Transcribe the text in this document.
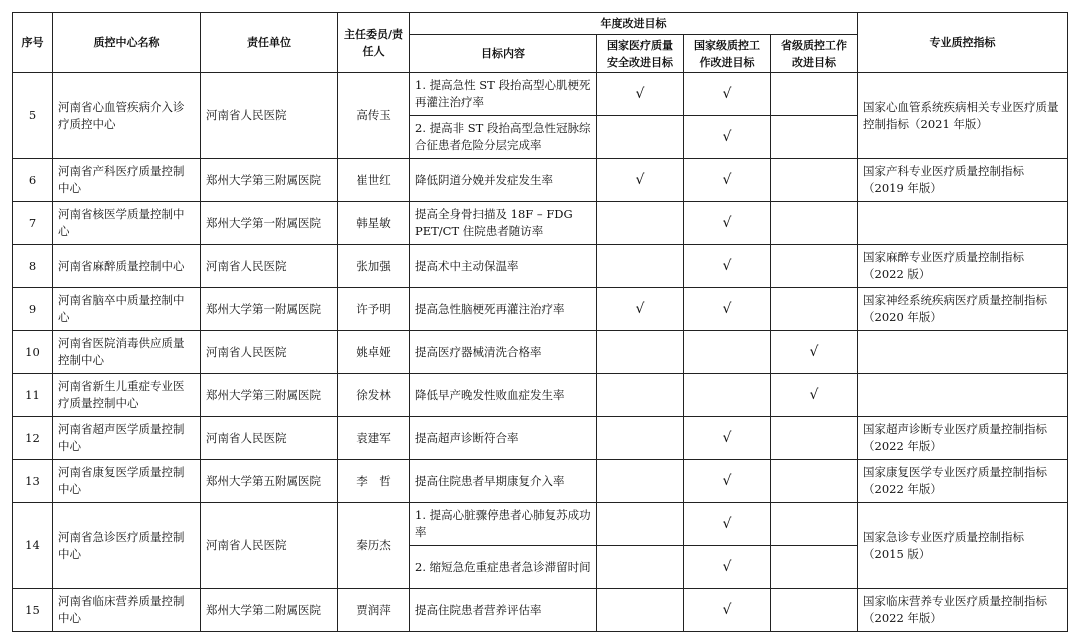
序号	质控中心名称	责任单位	主任委员/责任人	年度改进目标				专业质控指标
				目标内容	国家医疗质量安全改进目标	国家级质控工作改进目标	省级质控工作改进目标	
5	河南省心血管疾病介入诊疗质控中心	河南省人民医院	高传玉	1. 提高急性 ST 段抬高型心肌梗死再灌注治疗率	√	√		国家心血管系统疾病相关专业医疗质量控制指标（2021 年版）
				2. 提高非 ST 段抬高型急性冠脉综合征患者危险分层完成率		√		
6	河南省产科医疗质量控制中心	郑州大学第三附属医院	崔世红	降低阴道分娩并发症发生率	√	√		国家产科专业医疗质量控制指标（2019 年版）
7	河南省核医学质量控制中心	郑州大学第一附属医院	韩星敏	提高全身骨扫描及 18F – FDG PET/CT 住院患者随访率		√		
8	河南省麻醉质量控制中心	河南省人民医院	张加强	提高术中主动保温率		√		国家麻醉专业医疗质量控制指标（2022 版）
9	河南省脑卒中质量控制中心	郑州大学第一附属医院	许予明	提高急性脑梗死再灌注治疗率	√	√		国家神经系统疾病医疗质量控制指标（2020 年版）
10	河南省医院消毒供应质量控制中心	河南省人民医院	姚卓娅	提高医疗器械清洗合格率			√	
11	河南省新生儿重症专业医疗质量控制中心	郑州大学第三附属医院	徐发林	降低早产晚发性败血症发生率			√	
12	河南省超声医学质量控制中心	河南省人民医院	袁建军	提高超声诊断符合率		√		国家超声诊断专业医疗质量控制指标（2022 年版）
13	河南省康复医学质量控制中心	郑州大学第五附属医院	李　哲	提高住院患者早期康复介入率		√		国家康复医学专业医疗质量控制指标（2022 年版）
14	河南省急诊医疗质量控制中心	河南省人民医院	秦历杰	1. 提高心脏骤停患者心肺复苏成功率		√		国家急诊专业医疗质量控制指标（2015 版）
				2. 缩短急危重症患者急诊滞留时间		√		
15	河南省临床营养质量控制中心	郑州大学第二附属医院	贾润萍	提高住院患者营养评估率		√		国家临床营养专业医疗质量控制指标（2022 年版）
